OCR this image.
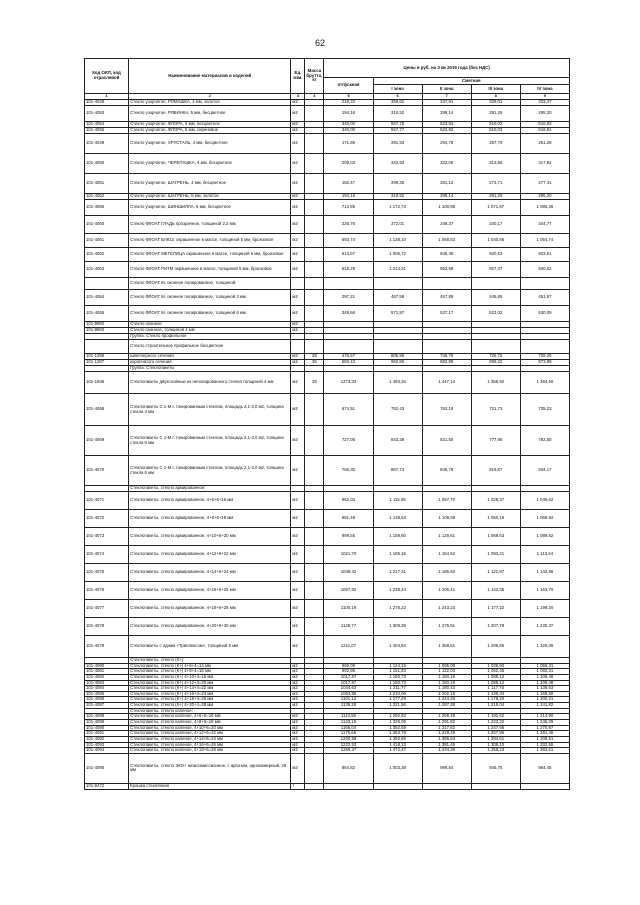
62
Код ОКП, код отраслевой	Наименование материалов и изделий	Ед. изм.	Масса брутто, кг	Цены в руб. на 3 кв 2015 года (без НДС)				
				отпускная	Сметная			
					I зона	II зона	III зона	IV зона
1	2	3	4	5	6	7	8	9
101-4048	Стекло узорчатое, РОМАШКА, 4 мм, золотое	м2		219,33	359,62	337,91	329,01	333,47
101-4053	Стекло узорчатое, РЯБИНКА, 5 мм, бесцветное	м2		194,16	316,52	299,14	291,26	295,20
101-4054	Стекло узорчатое, ФЛОРА, 5 мм, бесцветное	м2		340,00	557,78	523,84	510,02	516,93
101-4055	Стекло узорчатое, ФЛОРА, 5 мм, сиреневое	м2		340,00	557,77	523,82	510,03	516,91
101-4049	Стекло узорчатое, ХРУСТАЛЬ, 4 мм, бесцветное	м2		171,86	281,93	264,78	257,79	261,28
101-4050	Стекло узорчатое, ЧЕРЕПАШКА, 4 мм, бесцветное	м2		209,03	342,93	322,05	313,56	317,82
101-4051	Стекло узорчатое, ШАГРЕНЬ, 4 мм, бесцветное	м2		182,47	299,35	281,12	273,71	277,41
101-4052	Стекло узорчатое, ШАГРЕНЬ, 5 мм, золотое	м2		194,16	318,52	299,14	291,26	295,20
101-4056	Стекло узорчатое, ШИНШИЛЛА, 5 мм, бесцветное	м2		714,85	1 172,73	1 100,98	1 071,67	1 086,36
101-4060	Стекло ФЛОАТ ГЛАДЬ прозрачное, толщиной 2,2 мм	м2		226,76	372,01	349,37	340,17	344,77
101-4061	Стекло ФЛОАТ БЛЮЗ, окрашенное в массе, толщиной 5 мм, бронзовое	м2		693,74	1 138,10	1 068,83	1 040,66	1 054,74
101-4062	Стекло ФЛОАТ МЕТЕЛИЦА окрашенное в массе, толщиной 6 мм, бронзовое	м2		613,67	1 006,72	945,46	920,53	933,01
101-4063	Стекло ФЛОАТ РИТМ окрашенное в массе, толщиной 5 мм, бронзовое	м2		618,29	1 014,31	952,58	927,47	940,02
	Стекло ФЛОАТ М, оконное полированное, толщиной:							
101-4064	Стекло ФЛОАТ М, оконное полированное, толщиной 2 мм	м2		297,21	487,58	457,89	445,85	451,87
101-4065	Стекло ФЛОАТ М, оконное полированное, толщиной 6 мм	м2		348,66	571,97	537,17	523,02	530,09
101-9882	Стекло оконное	м2						
101-9883	Стекло оконное, толщиной 4 мм	м2						
	Группа: Стекло профильное							
	Стекло строительное профильное бесцветное							
101-1286	швеллерного сечения	м2	28	476,57	805,96	746,79	726,75	739,25
101-1287	коробчатого сечения	м2	35	583,43	962,86	882,89	859,22	873,99
	Группа: Стеклопакеты							
101-1836	Стеклопакеты двухслойные из неполированного стекла толщиной 4 мм	м2	29	1273,33	1 493,26	1 447,14	1 356,92	1 394,60
101-4068	Стеклопакеты С 1-М с тонированным стеклом, площадь 2,1-3,0 м2, толщина стекла 4 мм	м2		674,51	782,43	762,19	721,73	735,23
101-4069	Стеклопакеты С 1-М с тонированным стеклом, площадь 2,1-3,0 м2, толщина стекла 5 мм	м2		727,05	843,38	821,50	777,95	792,50
101-4070	Стеклопакеты С 1-М с тонированным стеклом, площадь 2,1-3,0 м2, толщина стекла 6 мм	м2		766,30	867,74	846,79	819,87	834,17
	Стеклопакеты, стекло армированное:							
101-4071	Стеклопакеты, стекло армированное, 4+6+6+16 мм	м2		962,03	1 115,95	1 087,70	1 028,37	1 046,62
101-4072	Стеклопакеты, стекло армированное, 4+8+6+18 мм	м2		981,48	1 138,53	1 109,08	1 050,19	1 069,82
101-4073	Стеклопакеты, стекло армированное, 4+10+6+20 мм	м2		999,55	1 159,60	1 129,61	1 069,63	1 089,62
101-4074	Стеклопакеты, стекло армированное, 4+12+6+22 мм	м2		1021,70	1 185,16	1 154,52	1 093,21	1 113,64
101-4075	Стеклопакеты, стекло армированное, 4+14+6+24 мм	м2		1049,42	1 217,31	1 185,83	1 122,87	1 143,86
101-4076	Стеклопакеты, стекло армированное, 4+16+6+26 мм	м2		1067,82	1 238,44	1 206,41	1 142,35	1 163,70
101-4077	Стеклопакеты, стекло армированное, 4+18+6+28 мм	м2		1100,19	1 276,22	1 243,23	1 177,22	1 199,20
101-4078	Стеклопакеты, стекло армированное, 4+20+6+30 мм	м2		1128,77	1 309,39	1 275,51	1 207,78	1 230,37
101-4079	Стеклопакеты с одним «Триплексом», толщиной 5 мм	м2		1211,07	1 404,84	1 368,51	1 295,85	1 320,06
	Стеклопакеты, стекло (К+):							
101-4080	Стеклопакеты, стекло (К+) 4+6+4=14 мм	м2		969,09	1 124,15	1 095,08	1 036,93	1 056,31
101-4081	Стеклопакеты, стекло (К+) 4+8+4=16 мм	м2		992,95	1 151,83	1 122,03	1 062,45	1 082,31
101-4082	Стеклопакеты, стекло (К+) 4+10+4=18 мм	м2		1017,87	1 180,73	1 150,19	1 089,12	1 109,48
101-4083	Стеклопакеты, стекло (К+) 4+12+4=20 мм	м2		1017,87	1 180,73	1 150,19	1 089,12	1 109,48
101-4084	Стеклопакеты, стекло (К+) 4+14+4=22 мм	м2		1044,63	1 211,77	1 180,43	1 117,76	1 138,63
101-4085	Стеклопакеты, стекло (К+) 4+16+4=24 мм	м2		1063,85	1 234,06	1 202,15	1 138,34	1 159,60
101-4086	Стеклопакеты, стекло (К+) 4+18+4=26 мм	м2		1101,12	1 277,29	1 244,26	1 178,20	1 200,21
101-4087	Стеклопакеты, стекло (К+) 4+20+4=28 мм	м2		1139,28	1 321,56	1 287,38	1 219,04	1 241,82
	Стеклопакеты, стекло каленое:							
101-4088	Стеклопакеты, стекло каленое, 4+6+6=16 мм	м2		1114,59	1 292,93	1 259,49	1 192,62	1 214,90
101-4089	Стеклопакеты, стекло каленое, 4+8+6=18 мм	м2		1143,19	1 326,09	1 291,82	1 223,22	1 246,09
101-4090	Стеклопакеты, стекло каленое, 4+10+6=20 мм	м2		1166,04	1 352,59	1 317,62	1 247,66	1 270,97
101-4091	Стеклопакеты, стекло каленое, 4+12+6=22 мм	м2		1175,66	1 363,78	1 328,49	1 257,96	1 281,46
101-4092	Стеклопакеты, стекло каленое, 4+14+6=24 мм	м2		1200,58	1 392,66	1 356,63	1 284,61	1 308,61
101-4093	Стеклопакеты, стекло каленое, 4+16+6=26 мм	м2		1222,53	1 418,13	1 381,45	1 308,10	1 332,55
101-4094	Стеклопакеты, стекло каленое, 4+18+6=28 мм	м2		1269,37	1 472,47	1 434,39	1 358,23	1 383,61
101-4095	Стеклопакеты, стекло ЭКО+ низкоэмиссионное, с аргоном, однокамерный, 28 мм	м2		864,82	1 003,38	999,54	945,75	964,45
101-9472	Крошка стеклянная	т						
